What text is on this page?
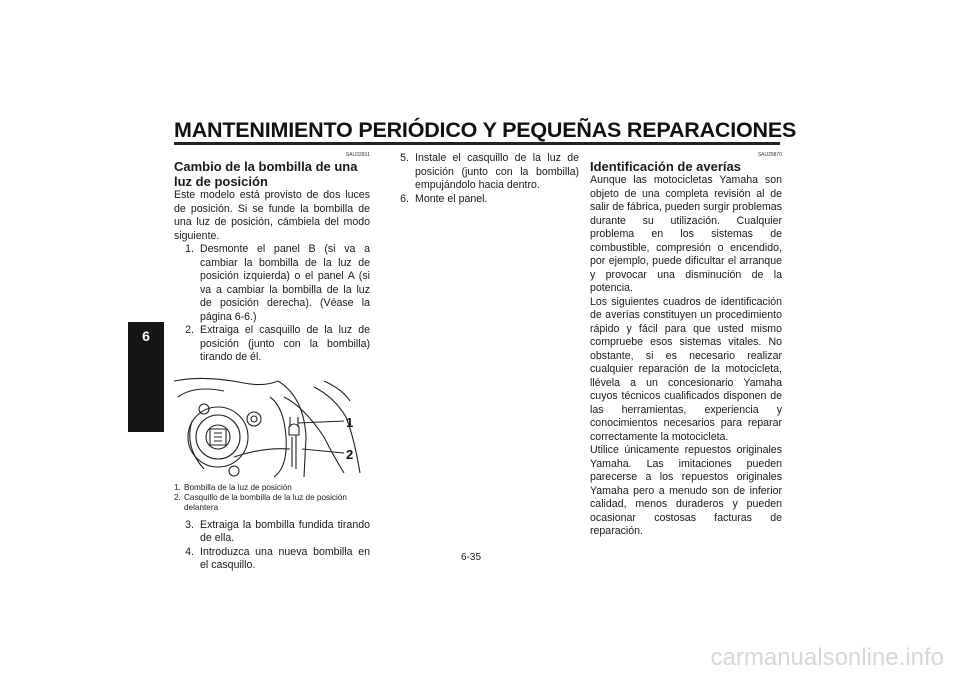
MANTENIMIENTO PERIÓDICO Y PEQUEÑAS REPARACIONES
6
SAU32831
Cambio de la bombilla de una luz de posición

Este modelo está provisto de dos luces de posición. Si se funde la bombilla de una luz de posición, cámbiela del modo siguiente.

1. Desmonte el panel B (si va a cambiar la bombilla de la luz de posición izquierda) o el panel A (si va a cambiar la bombilla de la luz de posición derecha). (Véase la página 6-6.)
2. Extraiga el casquillo de la luz de posición (junto con la bombilla) tirando de él.
1
2
1. Bombilla de la luz de posición
2. Casquillo de la bombilla de la luz de posición delantera
3. Extraiga la bombilla fundida tirando de ella.
4. Introduzca una nueva bombilla en el casquillo.
5. Instale el casquillo de la luz de posición (junto con la bombilla) empujándolo hacia dentro.
6. Monte el panel.
SAU25870
Identificación de averías

Aunque las motocicletas Yamaha son objeto de una completa revisión al de salir de fábrica, pueden surgir problemas durante su utilización. Cualquier problema en los sistemas de combustible, compresión o encendido, por ejemplo, puede dificultar el arranque y provocar una disminución de la potencia.

Los siguientes cuadros de identificación de averías constituyen un procedimiento rápido y fácil para que usted mismo compruebe esos sistemas vitales. No obstante, si es necesario realizar cualquier reparación de la motocicleta, llévela a un concesionario Yamaha cuyos técnicos cualificados disponen de las herramientas, experiencia y conocimientos necesarios para reparar correctamente la motocicleta.

Utilice únicamente repuestos originales Yamaha. Las imitaciones pueden parecerse a los repuestos originales Yamaha pero a menudo son de inferior calidad, menos duraderos y pueden ocasionar costosas facturas de reparación.

6-35
carmanualsonline.info
